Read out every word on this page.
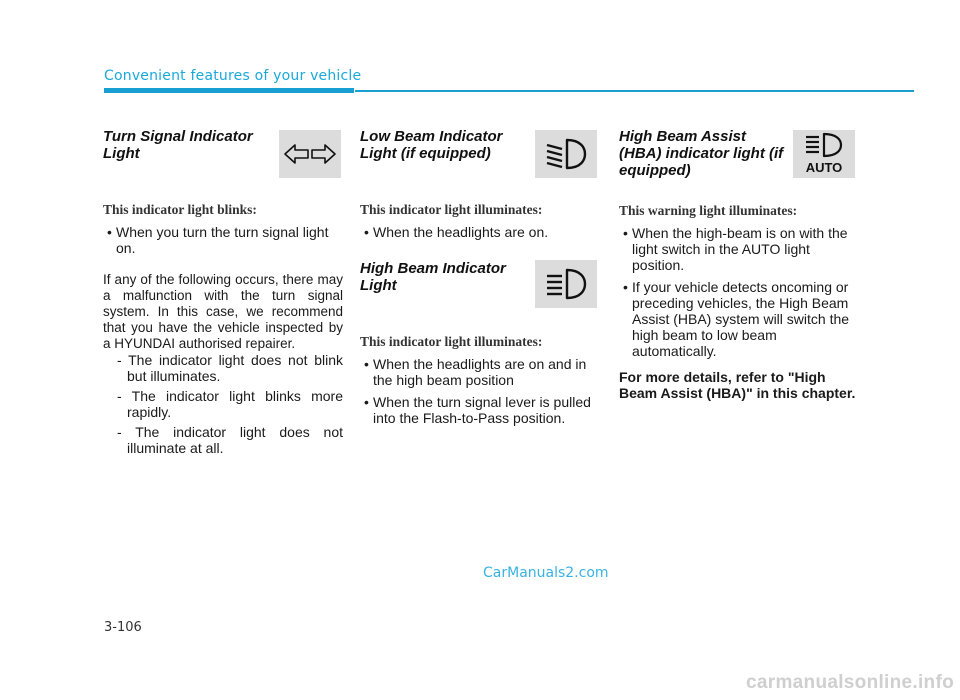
Convenient features of your vehicle
Turn Signal Indicator Light

This indicator light blinks:

• When you turn the turn signal light on.

If any of the following occurs, there may a malfunction with the turn signal system. In this case, we recommend that you have the vehicle inspected by a HYUNDAI authorised repairer.

- The indicator light does not blink but illuminates.

- The indicator light blinks more rapidly.

- The indicator light does not illuminate at all.

Low Beam Indicator Light (if equipped)

This indicator light illuminates:

• When the headlights are on.

High Beam Indicator Light

This indicator light illuminates:

• When the headlights are on and in the high beam position

• When the turn signal lever is pulled into the Flash-to-Pass position.

High Beam Assist (HBA) indicator light (if equipped)	AUTO

This warning light illuminates:

• When the high-beam is on with the light switch in the AUTO light position.

• If your vehicle detects oncoming or preceding vehicles, the High Beam Assist (HBA) system will switch the high beam to low beam automatically.

For more details, refer to "High Beam Assist (HBA)" in this chapter.

CarManuals2.com
3-106
carmanualsonline.info
